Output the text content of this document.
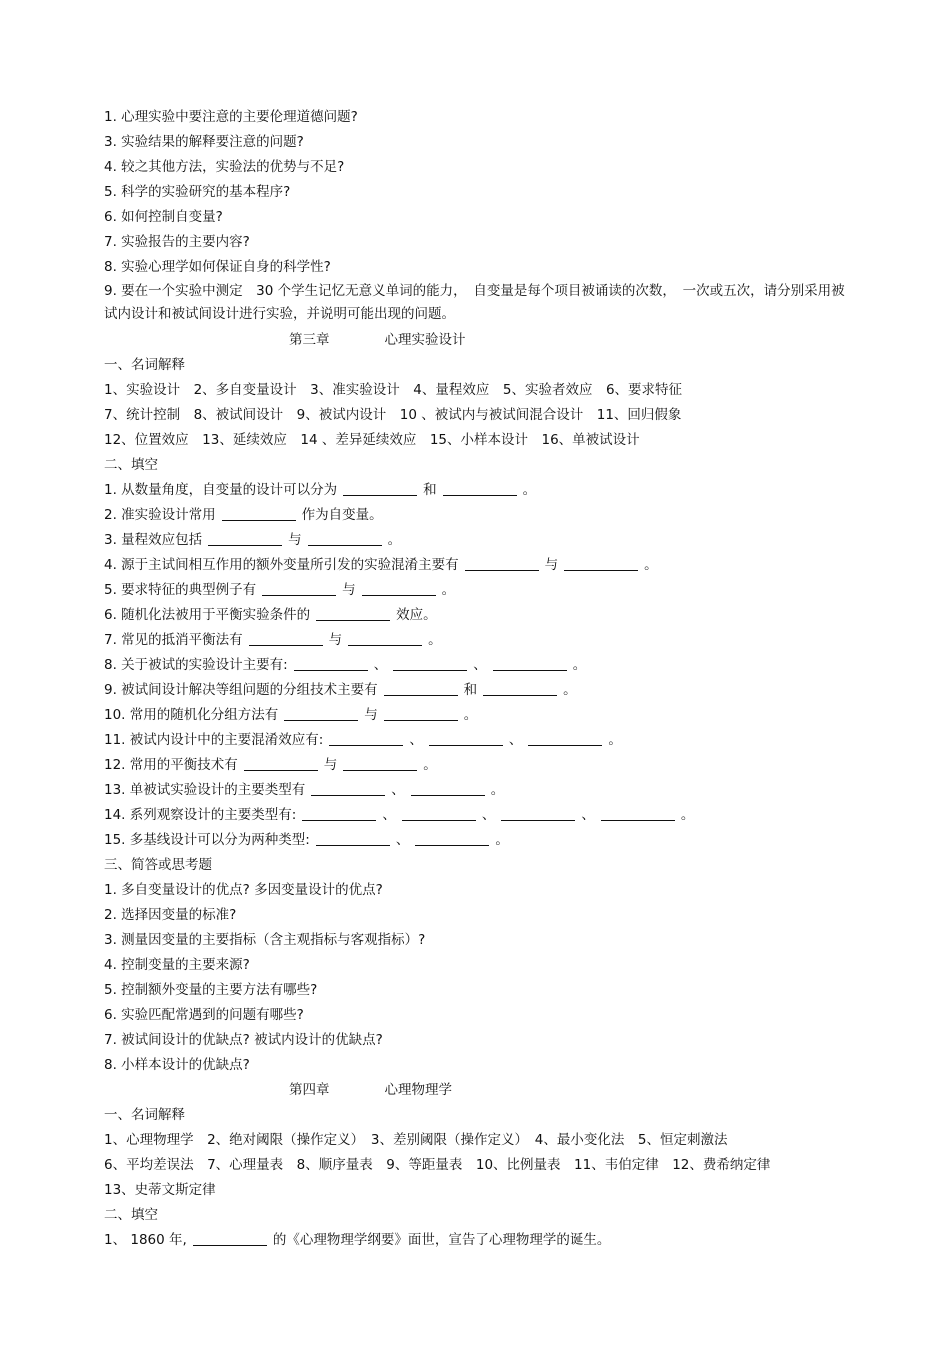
1. 心理实验中要注意的主要伦理道德问题?
3. 实验结果的解释要注意的问题?
4. 较之其他方法，实验法的优势与不足?
5. 科学的实验研究的基本程序?
6. 如何控制自变量?
7. 实验报告的主要内容?
8. 实验心理学如何保证自身的科学性?
9. 要在一个实验中测定　30 个学生记忆无意义单词的能力，　自变量是每个项目被诵读的次数，　一次或五次，请分别采用被试内设计和被试间设计进行实验，并说明可能出现的问题。
第三章	心理实验设计
一、名词解释
1、实验设计　2、多自变量设计　3、准实验设计　4、量程效应　5、实验者效应　6、要求特征
7、统计控制　8、被试间设计　9、被试内设计　10 、被试内与被试间混合设计　11、回归假象
12、位置效应　13、延续效应　14 、差异延续效应　15、小样本设计　16、单被试设计
二、填空
1. 从数量角度，自变量的设计可以分为	和	。
2. 准实验设计常用	作为自变量。
3. 量程效应包括	与	。
4. 源于主试间相互作用的额外变量所引发的实验混淆主要有	与	。
5. 要求特征的典型例子有	与	。
6. 随机化法被用于平衡实验条件的	效应。
7. 常见的抵消平衡法有	与	。
8. 关于被试的实验设计主要有:	、	、	。
9. 被试间设计解决等组问题的分组技术主要有	和	。
10. 常用的随机化分组方法有	与	。
11. 被试内设计中的主要混淆效应有:	、	、	。
12. 常用的平衡技术有	与	。
13. 单被试实验设计的主要类型有	、	。
14. 系列观察设计的主要类型有:	、	、	、	。
15. 多基线设计可以分为两种类型:	、	。
三、简答或思考题
1. 多自变量设计的优点? 多因变量设计的优点?
2. 选择因变量的标准?
3. 测量因变量的主要指标（含主观指标与客观指标）?
4. 控制变量的主要来源?
5. 控制额外变量的主要方法有哪些?
6. 实验匹配常遇到的问题有哪些?
7. 被试间设计的优缺点? 被试内设计的优缺点?
8. 小样本设计的优缺点?
第四章	心理物理学
一、名词解释
1、心理物理学　2、绝对阈限（操作定义）　3、差别阈限（操作定义）　4、最小变化法　5、恒定刺激法
6、平均差误法　7、心理量表　8、顺序量表　9、等距量表　10、比例量表　11、韦伯定律　12、费希纳定律
13、史蒂文斯定律
二、填空
1、 1860 年,	的《心理物理学纲要》面世，宣告了心理物理学的诞生。
